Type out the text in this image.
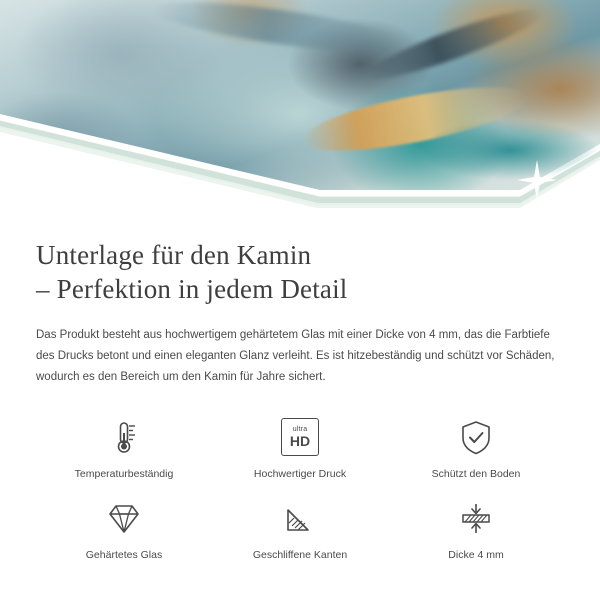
Unterlage für den Kamin
– Perfektion in jedem Detail

Das Produkt besteht aus hochwertigem gehärtetem Glas mit einer Dicke von 4 mm, das die Farbtiefe des Drucks betont und einen eleganten Glanz verleiht. Es ist hitzebeständig und schützt vor Schäden, wodurch es den Bereich um den Kamin für Jahre sichert.

Temperaturbeständig
ultra
HD
Hochwertiger Druck	Schützt den Boden
Gehärtetes Glas	Geschliffene Kanten	Dicke 4 mm
